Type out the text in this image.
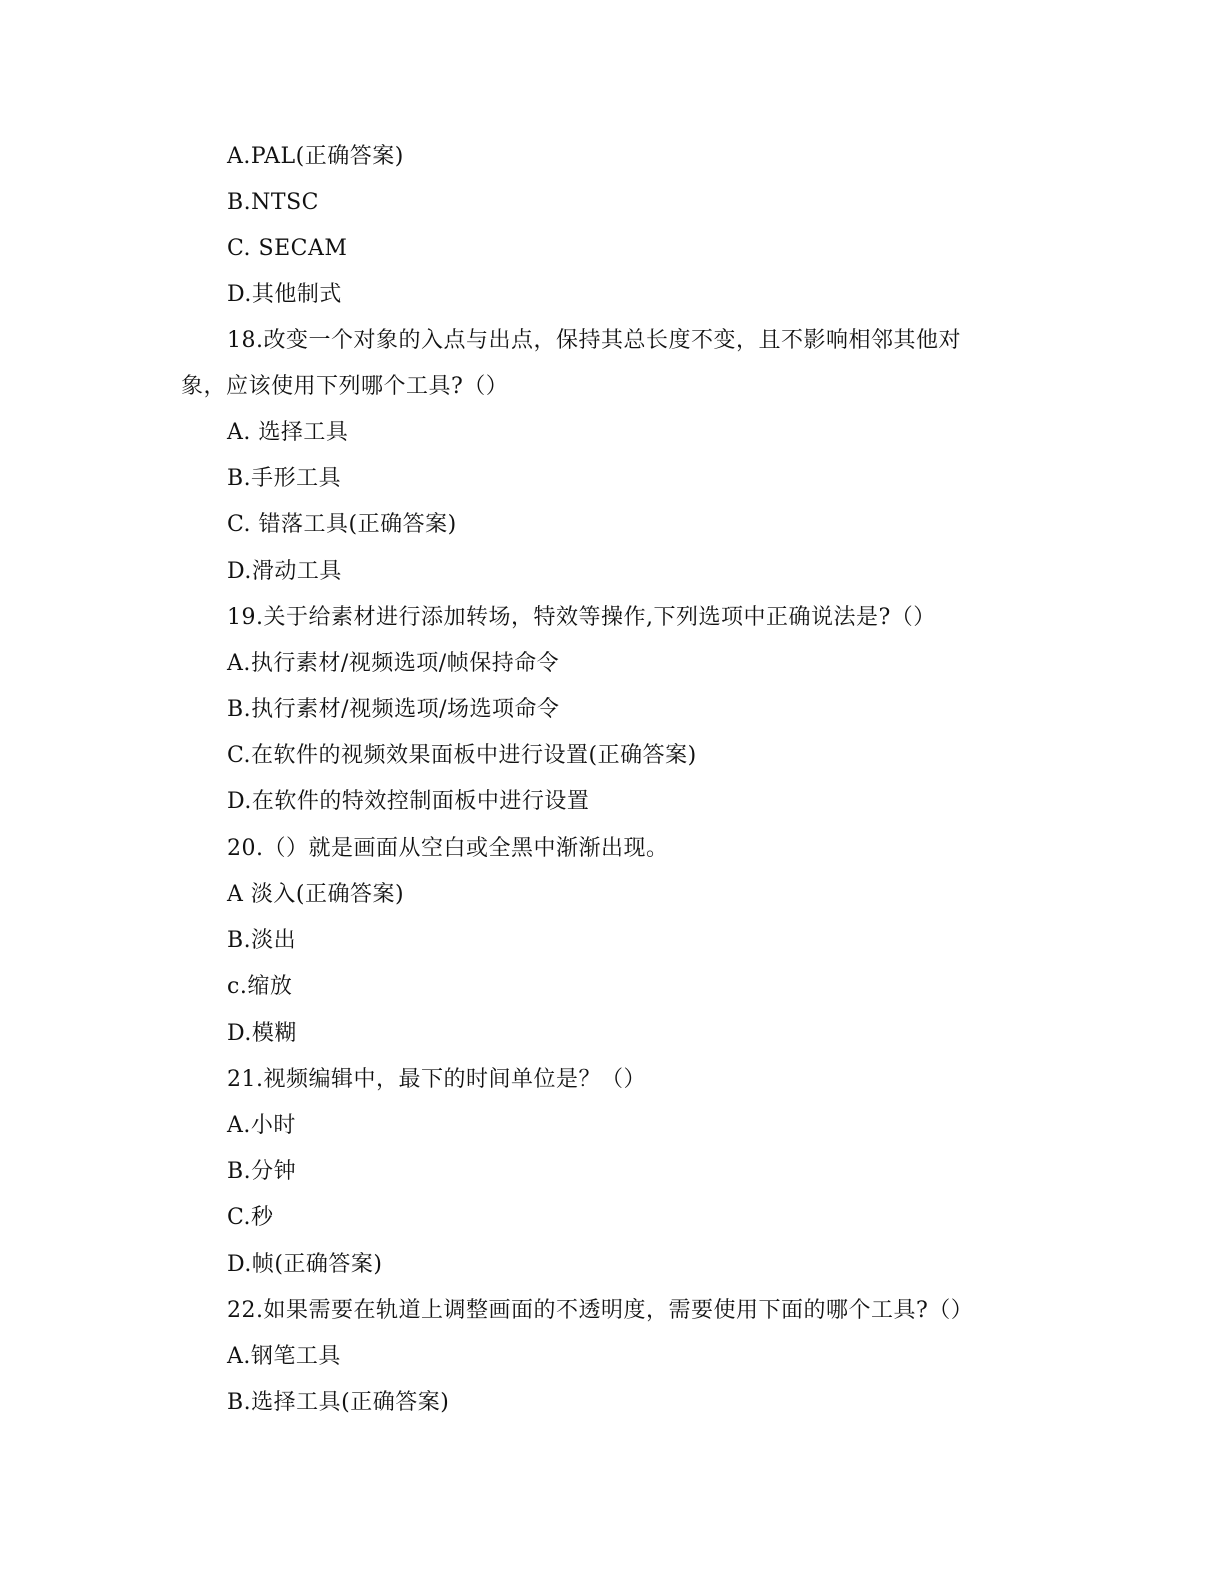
A.PAL(正确答案)
B.NTSC
C. SECAM
D.其他制式
18.改变一个对象的入点与出点，保持其总长度不变，且不影响相邻其他对
象，应该使用下列哪个工具?（）
A. 选择工具
B.手形工具
C. 错落工具(正确答案)
D.滑动工具
19.关于给素材进行添加转场，特效等操作,下列选项中正确说法是?（）
A.执行素材/视频选项/帧保持命令
B.执行素材/视频选项/场选项命令
C.在软件的视频效果面板中进行设置(正确答案)
D.在软件的特效控制面板中进行设置
20.（）就是画面从空白或全黑中渐渐出现。
A 淡入(正确答案)
B.淡出
c.缩放
D.模糊
21.视频编辑中，最下的时间单位是？（）
A.小时
B.分钟
C.秒
D.帧(正确答案)
22.如果需要在轨道上调整画面的不透明度，需要使用下面的哪个工具?（）
A.钢笔工具
B.选择工具(正确答案)
